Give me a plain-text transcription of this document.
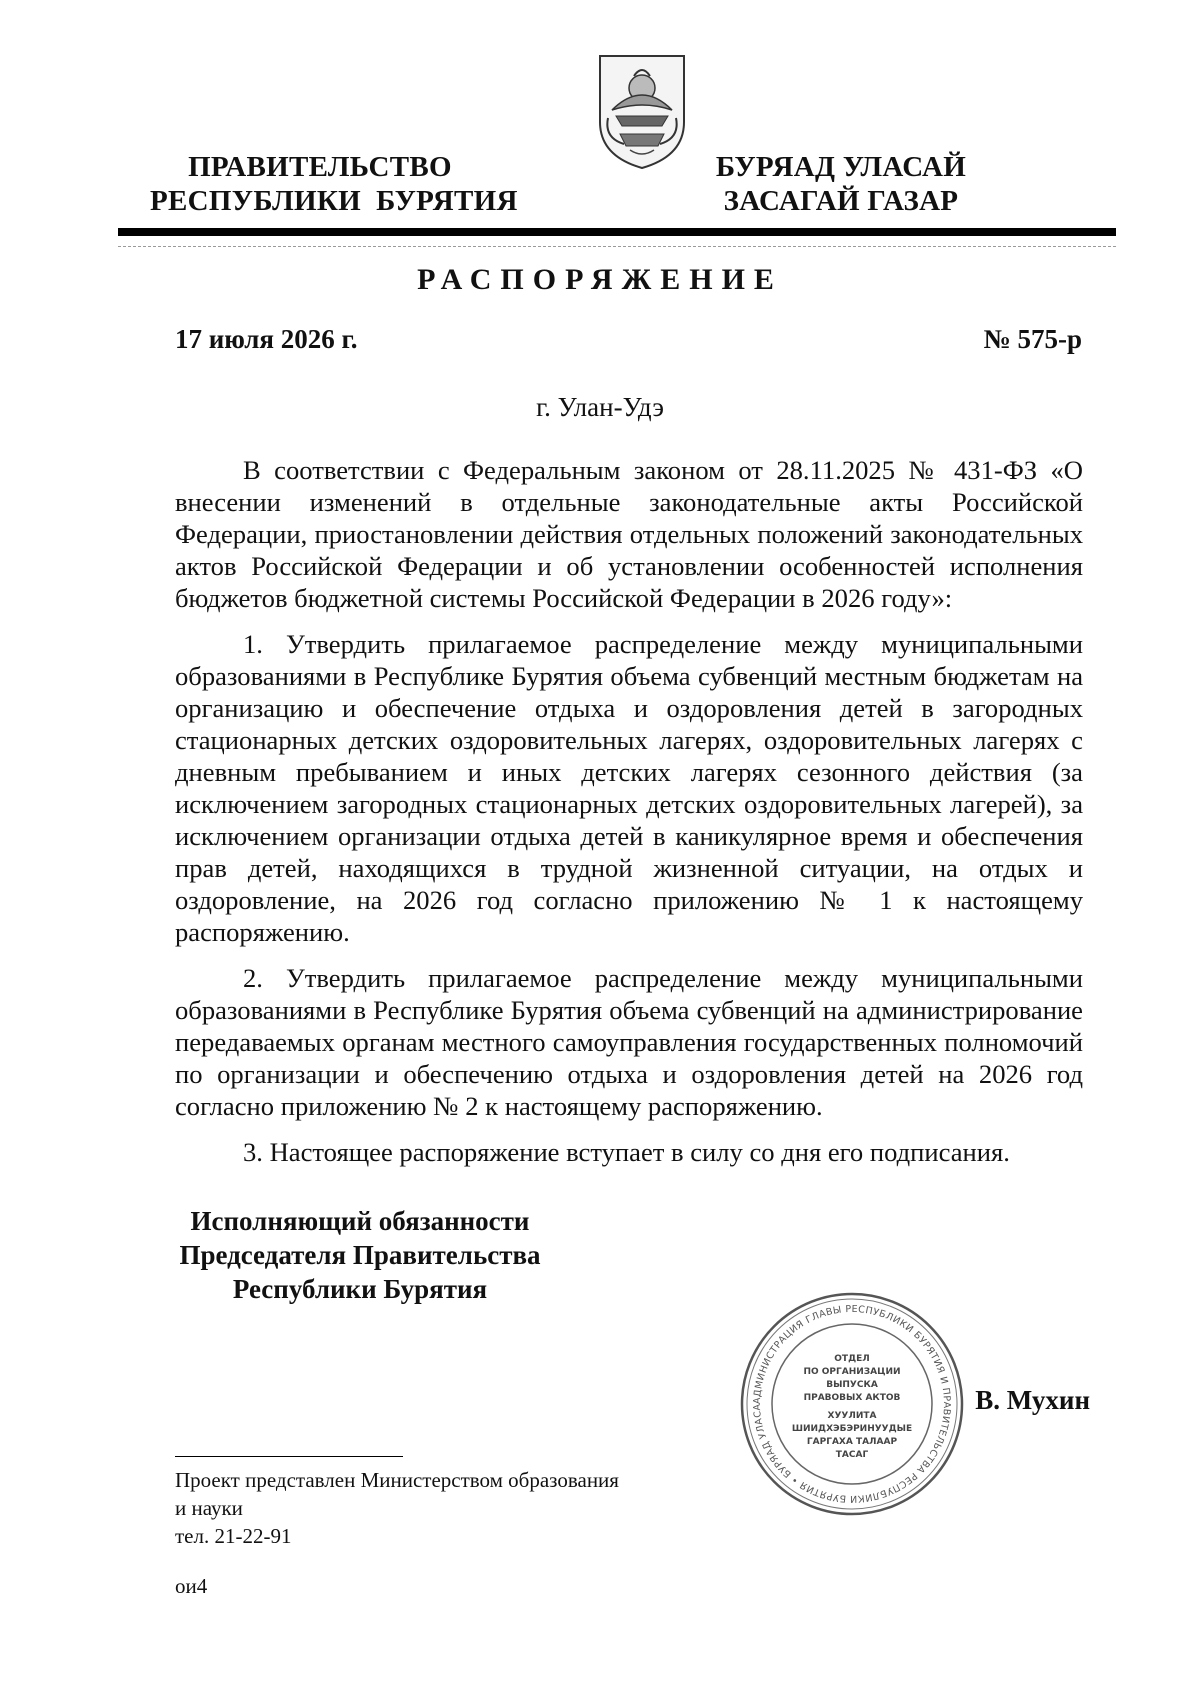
ПРАВИТЕЛЬСТВО
РЕСПУБЛИКИ  БУРЯТИЯ
БУРЯАД УЛАСАЙ
ЗАСАГАЙ ГАЗАР
РАСПОРЯЖЕНИЕ
17 июля 2026 г.	№ 575-р
г. Улан-Удэ

В соответствии с Федеральным законом от 28.11.2025 № 431-ФЗ «О внесении изменений в отдельные законодательные акты Российской Федерации, приостановлении действия отдельных положений законодательных актов Российской Федерации и об установлении особенностей исполнения бюджетов бюджетной системы Российской Федерации в 2026 году»:

1. Утвердить прилагаемое распределение между муниципальными образованиями в Республике Бурятия объема субвенций местным бюджетам на организацию и обеспечение отдыха и оздоровления детей в загородных стационарных детских оздоровительных лагерях, оздоровительных лагерях с дневным пребыванием и иных детских лагерях сезонного действия (за исключением загородных стационарных детских оздоровительных лагерей), за исключением организации отдыха детей в каникулярное время и обеспечения прав детей, находящихся в трудной жизненной ситуации, на отдых и оздоровление, на 2026 год согласно приложению № 1 к настоящему распоряжению.

2. Утвердить прилагаемое распределение между муниципальными образованиями в Республике Бурятия объема субвенций на администрирование передаваемых органам местного самоуправления государственных полномочий по организации и обеспечению отдыха и оздоровления детей на 2026 год согласно приложению № 2 к настоящему распоряжению.

3. Настоящее распоряжение вступает в силу со дня его подписания.

Исполняющий обязанности
Председателя Правительства
Республики Бурятия
АДМИНИСТРАЦИЯ ГЛАВЫ РЕСПУБЛИКИ БУРЯТИЯ И ПРАВИТЕЛЬСТВА РЕСПУБЛИКИ БУРЯТИЯ • БУРЯАД УЛАСА
ОТДЕЛ
ПО ОРГАНИЗАЦИИ
ВЫПУСКА
ПРАВОВЫХ АКТОВ
ХУУЛИТА
ШИИДХЭБЭРИНУУДЫЕ
ГАРГАХА ТАЛААР
ТАСАГ
В. Мухин
Проект представлен Министерством образования
и науки
тел. 21-22-91
ои4
